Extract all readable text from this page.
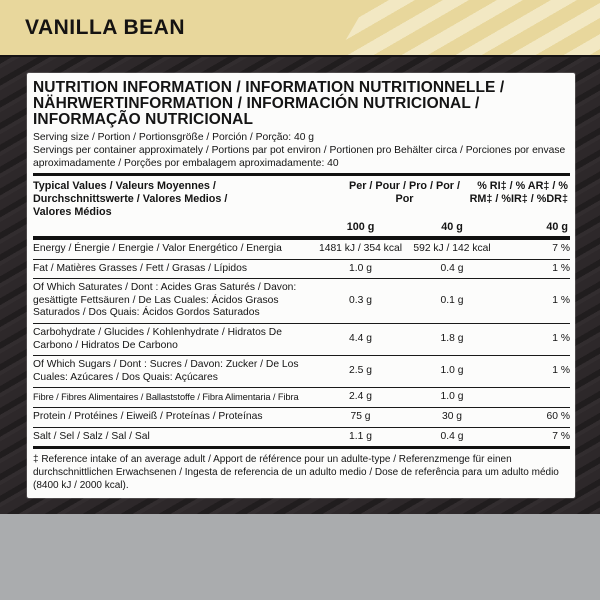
VANILLA BEAN
NUTRITION INFORMATION / INFORMATION NUTRITIONNELLE / NÄHRWERTINFORMATION / INFORMACIÓN NUTRICIONAL / INFORMAÇÃO NUTRICIONAL
Serving size / Portion / Portionsgröße / Porción / Porção: 40 g
Servings per container approximately / Portions par pot environ / Portionen pro Behälter circa / Porciones por envase aproximadamente / Porções por embalagem aproximadamente: 40
Typical Values / Valeurs Moyennes / Durchschnittswerte / Valores Medios / Valores Médios
Per / Pour / Pro / Por / Por
% RI‡ / % AR‡ / % RM‡ / %IR‡ / %DR‡
100 g	40 g	40 g
Energy / Énergie / Energie / Valor Energético / Energia	1481 kJ / 354 kcal	592 kJ / 142 kcal	7 %
Fat / Matières Grasses / Fett / Grasas / Lípidos	1.0 g	0.4 g	1 %
Of Which Saturates / Dont : Acides Gras Saturés / Davon: gesättigte Fettsäuren / De Las Cuales: Ácidos Grasos Saturados / Dos Quais: Ácidos Gordos Saturados	0.3 g	0.1 g	1 %
Carbohydrate / Glucides / Kohlenhydrate / Hidratos De Carbono / Hidratos De Carbono	4.4 g	1.8 g	1 %
Of Which Sugars / Dont : Sucres / Davon: Zucker / De Los Cuales: Azúcares / Dos Quais: Açúcares	2.5 g	1.0 g	1 %
Fibre / Fibres Alimentaires / Ballaststoffe / Fibra Alimentaria / Fibra	2.4 g	1.0 g	
Protein / Protéines / Eiweiß / Proteínas / Proteínas	75 g	30 g	60 %
Salt / Sel / Salz / Sal / Sal	1.1 g	0.4 g	7 %
‡ Reference intake of an average adult / Apport de référence pour un adulte-type / Referenzmenge für einen durchschnittlichen Erwachsenen / Ingesta de referencia de un adulto medio / Dose de referência para um adulto médio (8400 kJ / 2000 kcal).
